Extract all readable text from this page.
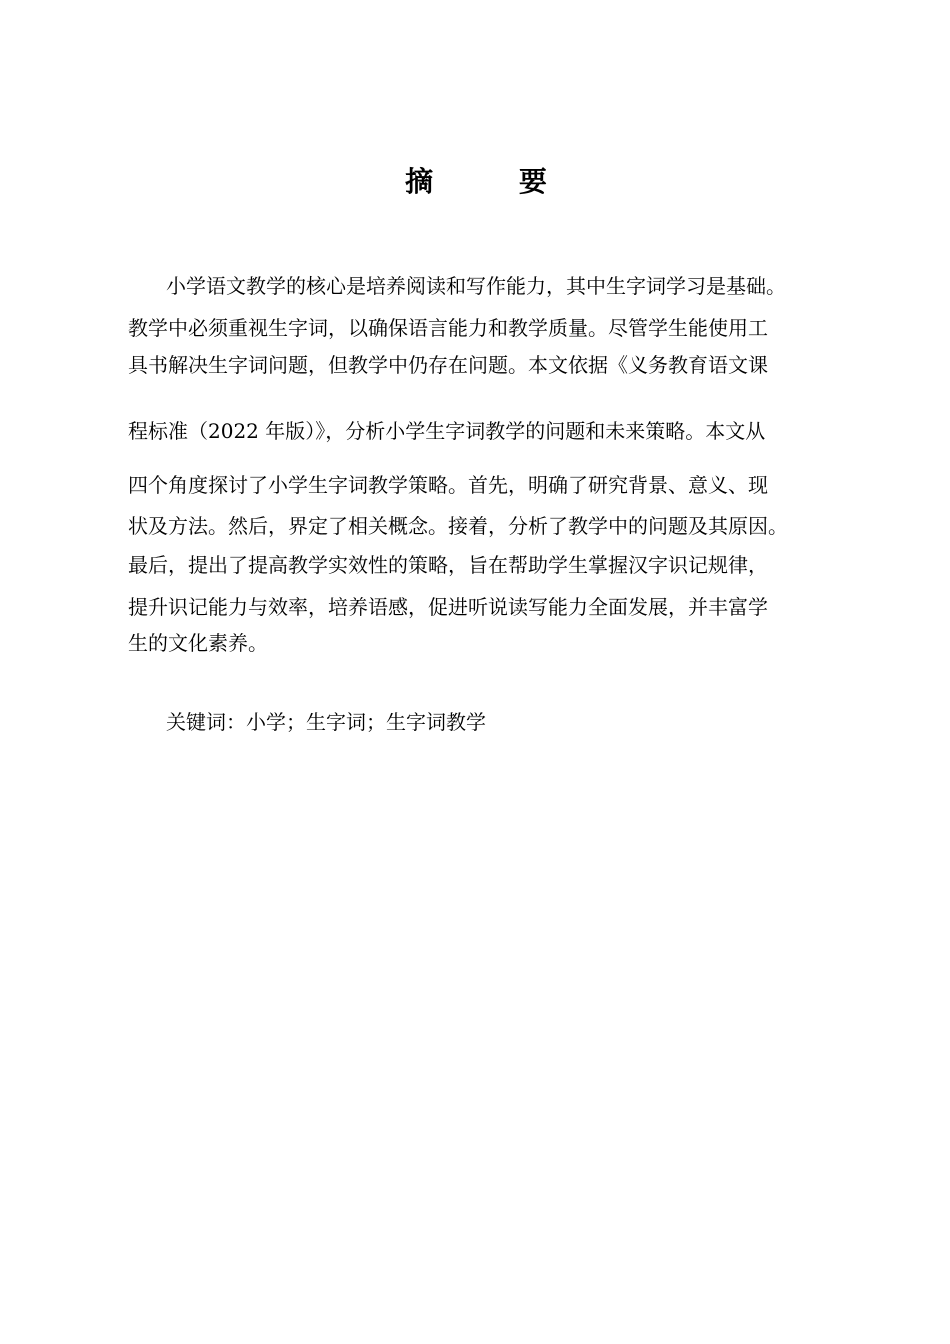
摘 要
小学语文教学的核心是培养阅读和写作能力，其中生字词学习是基础。
教学中必须重视生字词，以确保语言能力和教学质量。尽管学生能使用工
具书解决生字词问题，但教学中仍存在问题。本文依据《义务教育语文课
程标准（2022 年版）》，分析小学生字词教学的问题和未来策略。本文从
四个角度探讨了小学生字词教学策略。首先，明确了研究背景、意义、现
状及方法。然后，界定了相关概念。接着，分析了教学中的问题及其原因。
最后，提出了提高教学实效性的策略，旨在帮助学生掌握汉字识记规律，
提升识记能力与效率，培养语感，促进听说读写能力全面发展，并丰富学
生的文化素养。
关键词：小学；生字词；生字词教学
